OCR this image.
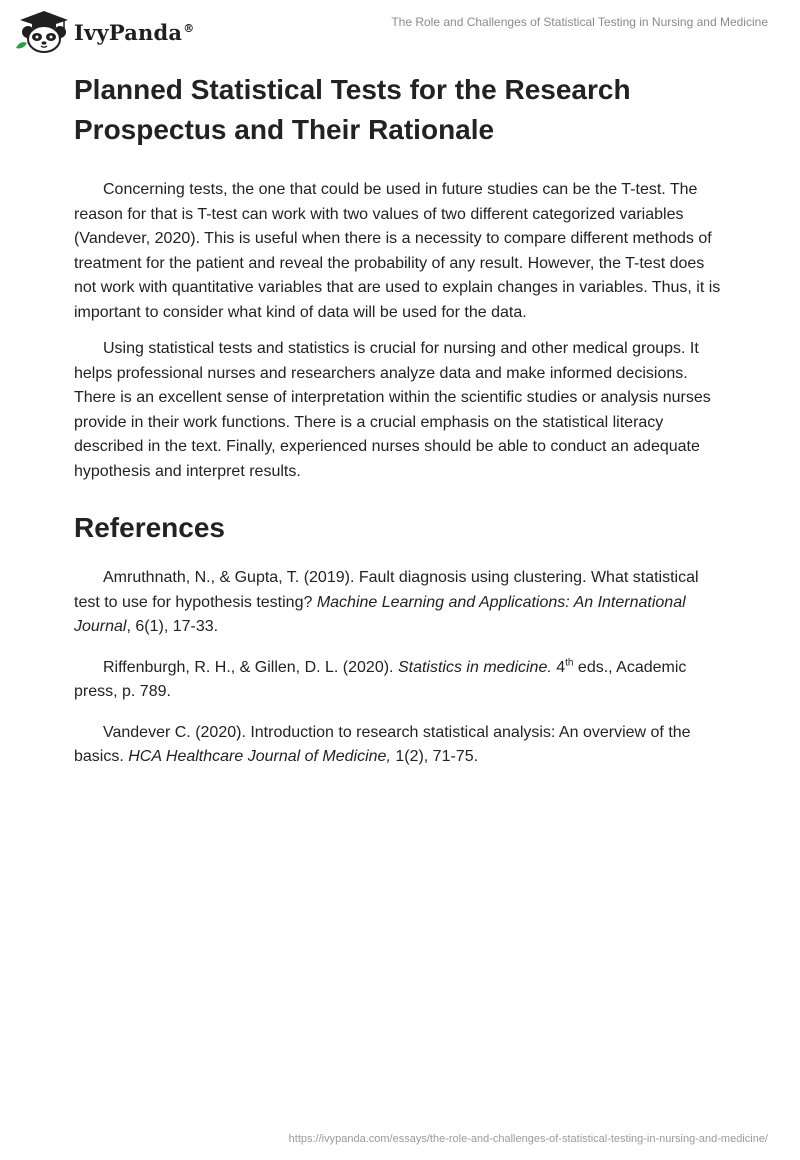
IvyPanda®	The Role and Challenges of Statistical Testing in Nursing and Medicine
Planned Statistical Tests for the Research Prospectus and Their Rationale

Concerning tests, the one that could be used in future studies can be the T-test. The reason for that is T-test can work with two values of two different categorized variables (Vandever, 2020). This is useful when there is a necessity to compare different methods of treatment for the patient and reveal the probability of any result. However, the T-test does not work with quantitative variables that are used to explain changes in variables. Thus, it is important to consider what kind of data will be used for the data.

Using statistical tests and statistics is crucial for nursing and other medical groups. It helps professional nurses and researchers analyze data and make informed decisions. There is an excellent sense of interpretation within the scientific studies or analysis nurses provide in their work functions. There is a crucial emphasis on the statistical literacy described in the text. Finally, experienced nurses should be able to conduct an adequate hypothesis and interpret results.

References

Amruthnath, N., & Gupta, T. (2019). Fault diagnosis using clustering. What statistical test to use for hypothesis testing? Machine Learning and Applications: An International Journal, 6(1), 17-33.

Riffenburgh, R. H., & Gillen, D. L. (2020). Statistics in medicine. 4th eds., Academic press, p. 789.

Vandever C. (2020). Introduction to research statistical analysis: An overview of the basics. HCA Healthcare Journal of Medicine, 1(2), 71-75.

https://ivypanda.com/essays/the-role-and-challenges-of-statistical-testing-in-nursing-and-medicine/
